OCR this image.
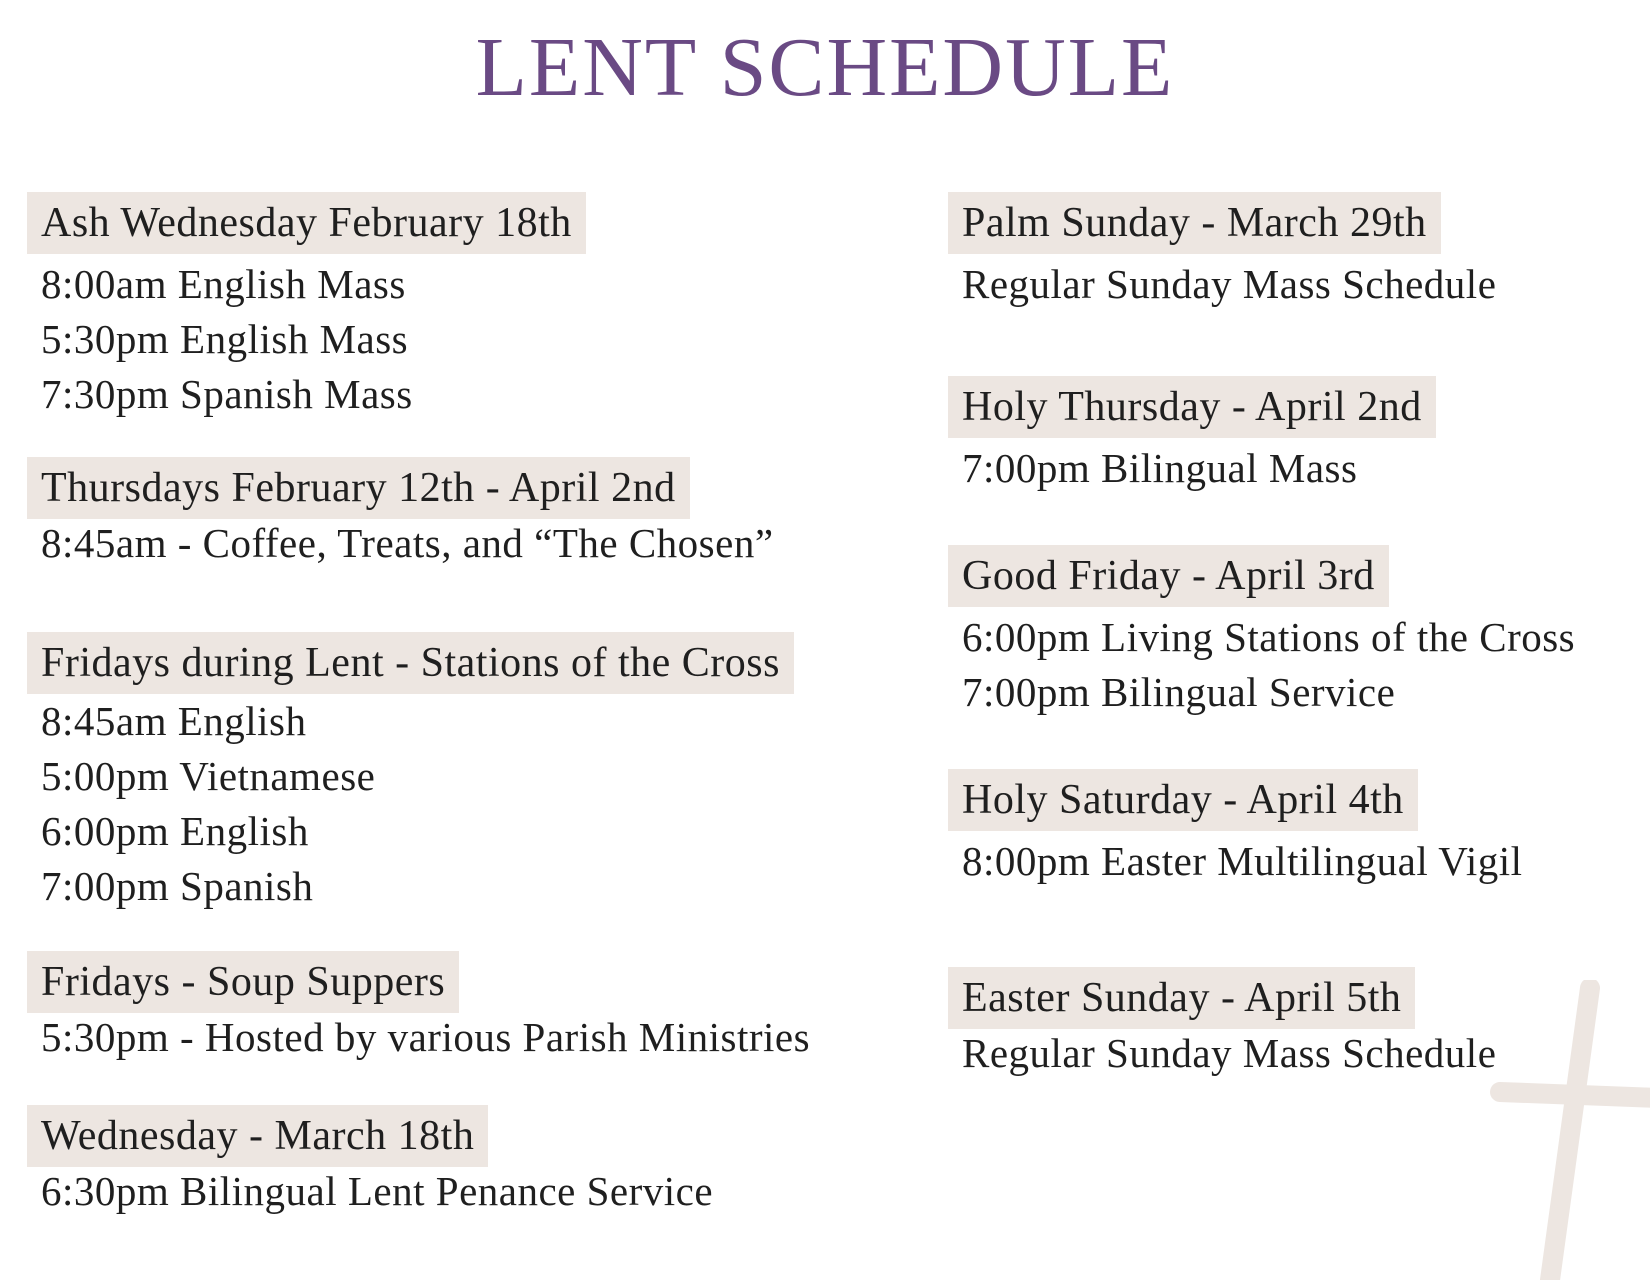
LENT SCHEDULE
Ash Wednesday February 18th
8:00am English Mass
5:30pm English Mass
7:30pm Spanish Mass
Thursdays February 12th - April 2nd
8:45am - Coffee, Treats, and “The Chosen”
Fridays during Lent - Stations of the Cross
8:45am English
5:00pm Vietnamese
6:00pm English
7:00pm Spanish
Fridays - Soup Suppers
5:30pm - Hosted by various Parish Ministries
Wednesday - March 18th
6:30pm Bilingual Lent Penance Service
Palm Sunday - March 29th
Regular Sunday Mass Schedule
Holy Thursday - April 2nd
7:00pm Bilingual Mass
Good Friday - April 3rd
6:00pm Living Stations of the Cross
7:00pm Bilingual Service
Holy Saturday - April 4th
8:00pm Easter Multilingual Vigil
Easter Sunday - April 5th
Regular Sunday Mass Schedule
